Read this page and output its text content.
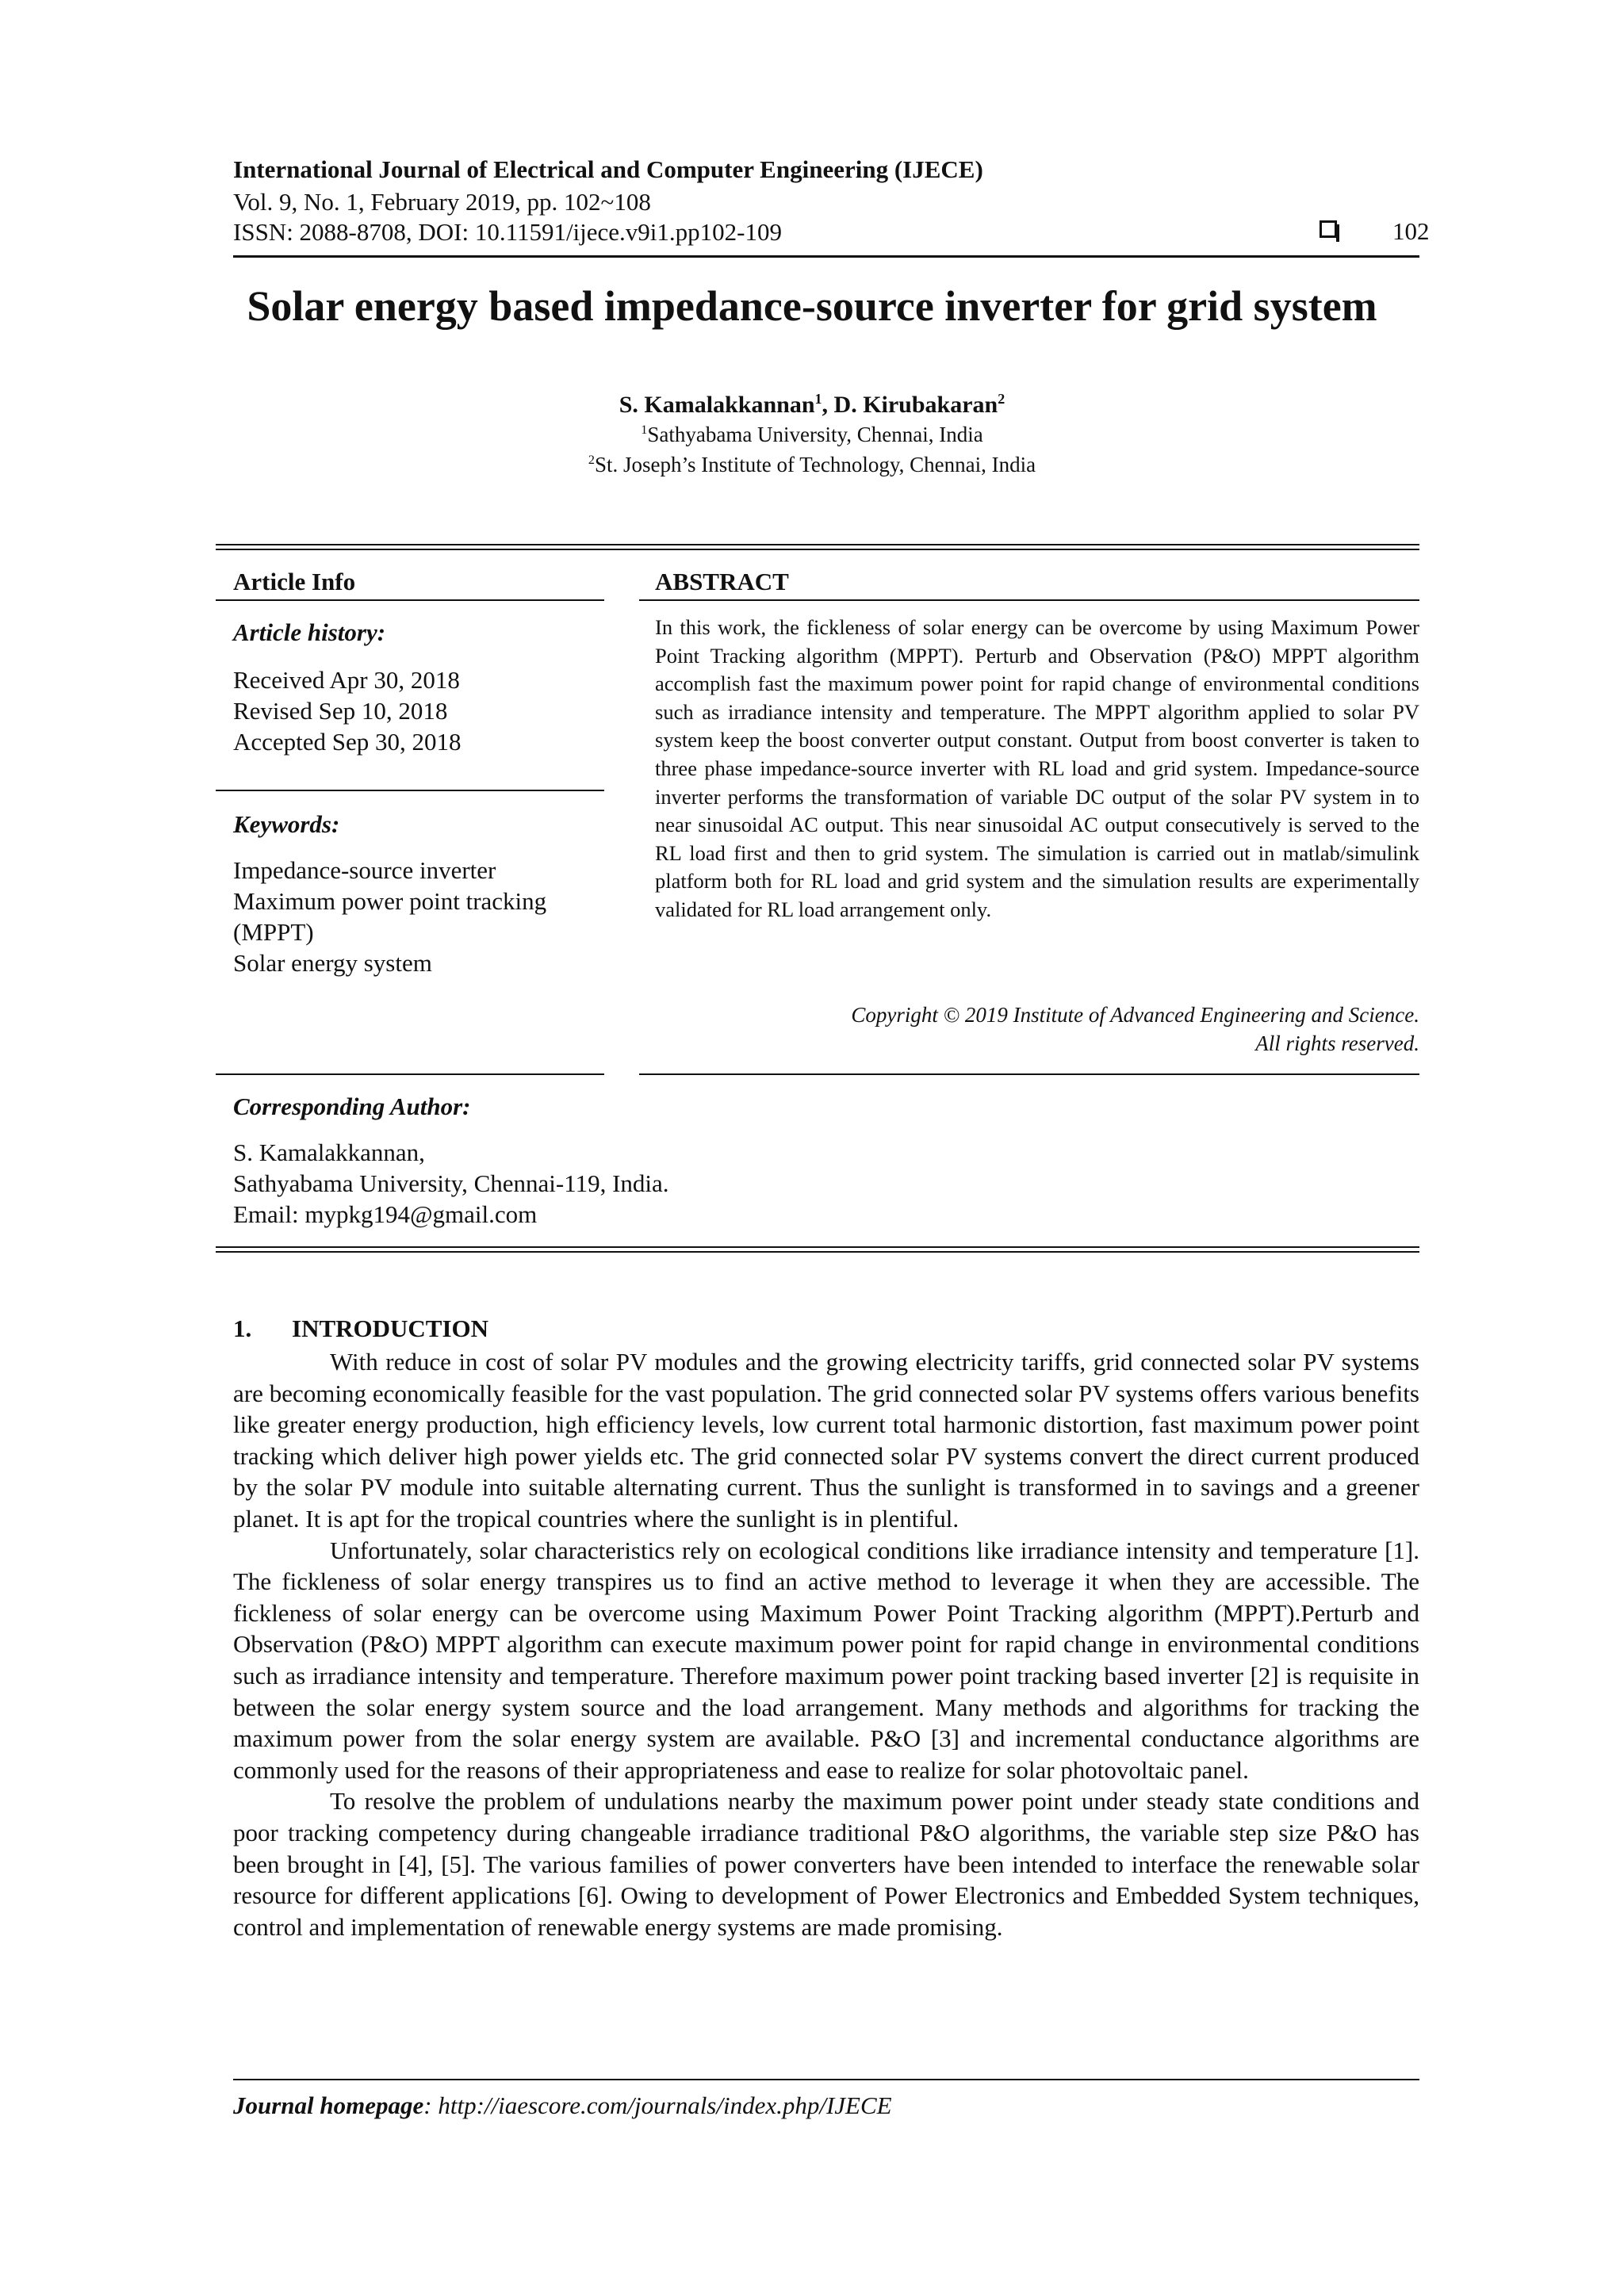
International Journal of Electrical and Computer Engineering (IJECE)
Vol. 9, No. 1, February 2019, pp. 102~108
ISSN: 2088-8708, DOI: 10.11591/ijece.v9i1.pp102-109	102
Solar energy based impedance-source inverter for grid system
S. Kamalakkannan$^1$, D. Kirubakaran$^2$
$^1$Sathyabama University, Chennai, India
$^2$St. Joseph’s Institute of Technology, Chennai, India
Article Info
Article history:
Received Apr 30, 2018
Revised Sep 10, 2018
Accepted Sep 30, 2018
Keywords:
Impedance-source inverter
Maximum power point tracking
(MPPT)
Solar energy system
ABSTRACT
In this work, the fickleness of solar energy can be overcome by using Maximum Power Point Tracking algorithm (MPPT). Perturb and Observation (P&O) MPPT algorithm accomplish fast the maximum power point for rapid change of environmental conditions such as irradiance intensity and temperature. The MPPT algorithm applied to solar PV system keep the boost converter output constant. Output from boost converter is taken to three phase impedance-source inverter with RL load and grid system. Impedance-source inverter performs the transformation of variable DC output of the solar PV system in to near sinusoidal AC output. This near sinusoidal AC output consecutively is served to the RL load first and then to grid system. The simulation is carried out in matlab/simulink platform both for RL load and grid system and the simulation results are experimentally validated for RL load arrangement only.
Copyright © 2019 Institute of Advanced Engineering and Science.
All rights reserved.
Corresponding Author:
S. Kamalakkannan,
Sathyabama University, Chennai-119, India.
Email: mypkg194@gmail.com
1. INTRODUCTION

With reduce in cost of solar PV modules and the growing electricity tariffs, grid connected solar PV systems are becoming economically feasible for the vast population. The grid connected solar PV systems offers various benefits like greater energy production, high efficiency levels, low current total harmonic distortion, fast maximum power point tracking which deliver high power yields etc. The grid connected solar PV systems convert the direct current produced by the solar PV module into suitable alternating current. Thus the sunlight is transformed in to savings and a greener planet. It is apt for the tropical countries where the sunlight is in plentiful.

Unfortunately, solar characteristics rely on ecological conditions like irradiance intensity and temperature [1]. The fickleness of solar energy transpires us to find an active method to leverage it when they are accessible. The fickleness of solar energy can be overcome using Maximum Power Point Tracking algorithm (MPPT).Perturb and Observation (P&O) MPPT algorithm can execute maximum power point for rapid change in environmental conditions such as irradiance intensity and temperature. Therefore maximum power point tracking based inverter [2] is requisite in between the solar energy system source and the load arrangement. Many methods and algorithms for tracking the maximum power from the solar energy system are available. P&O [3] and incremental conductance algorithms are commonly used for the reasons of their appropriateness and ease to realize for solar photovoltaic panel.

To resolve the problem of undulations nearby the maximum power point under steady state conditions and poor tracking competency during changeable irradiance traditional P&O algorithms, the variable step size P&O has been brought in [4], [5]. The various families of power converters have been intended to interface the renewable solar resource for different applications [6]. Owing to development of Power Electronics and Embedded System techniques, control and implementation of renewable energy systems are made promising.

Journal homepage: http://iaescore.com/journals/index.php/IJECE
